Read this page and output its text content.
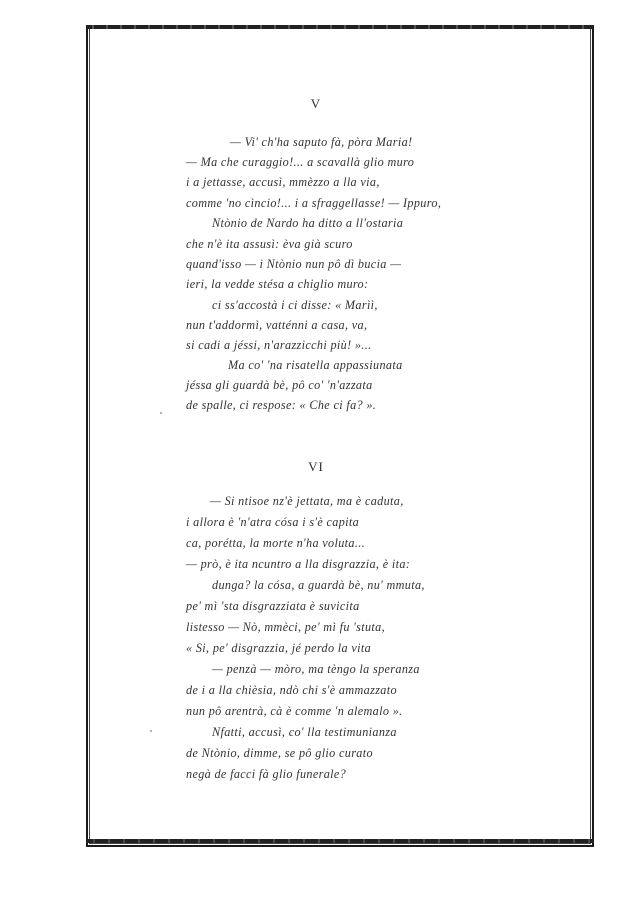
V
— Vi' ch'ha saputo fà, pòra Maria!
— Ma che curaggio!... a scavallà glio muro
i a jettasse, accusì, mmèzzo a lla via,
comme 'no cìncio!... i a sfraggellasse! — Ippuro,
Ntònio de Nardo ha ditto a ll'ostaria
che n'è ita assusì: èva già scuro
quand'isso — i Ntònio nun pô dì bucia —
ieri, la vedde stésa a chiglio muro:
ci ss'accostà i ci disse: « Marìì,
nun t'addormì, vatténni a casa, va,
si cadi a jéssi, n'arazzicchi più! »...
Ma co' 'na risatella appassiunata
jéssa gli guardà bè, pô co' 'n'azzata
de spalle, ci respose: « Che ci fa? ».
VI
— Si ntisoe nz'è jettata, ma è caduta,
i allora è 'n'atra cósa i s'è capita
ca, porétta, la morte n'ha voluta...
— prò, è ita ncuntro a lla disgrazzia, è ita:
dunga? la cósa, a guardà bè, nu' mmuta,
pe' mì 'sta disgrazziata è suvicita
listesso — Nò, mmèci, pe' mì fu 'stuta,
« Si, pe' disgrazzia, jé perdo la vita
— penzà — mòro, ma tèngo la speranza
de i a lla chièsia, ndò chi s'è ammazzato
nun pô arentrà, cà è comme 'n alemalo ».
Nfatti, accusì, co' lla testimunianza
de Ntònio, dimme, se pô glio curato
negà de facci fà glio funerale?
